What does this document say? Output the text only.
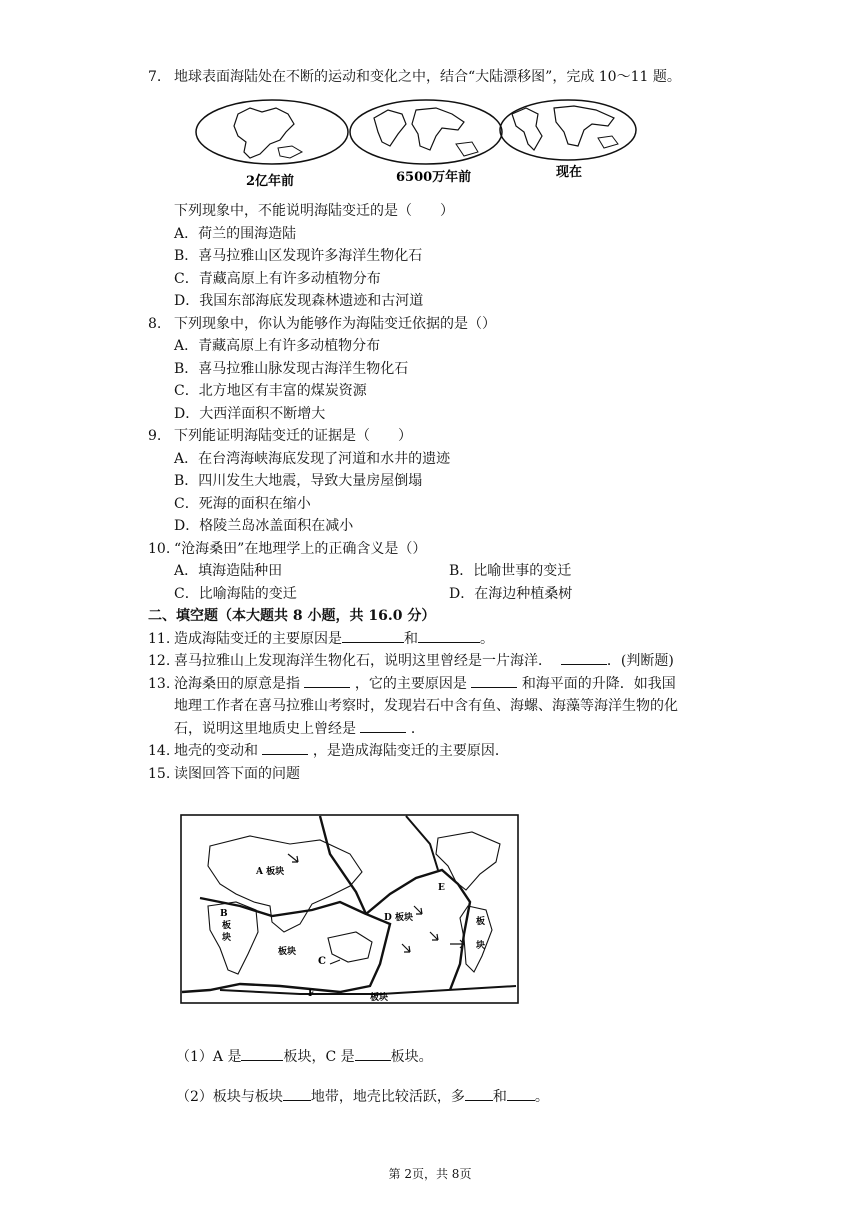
7. 地球表面海陆处在不断的运动和变化之中，结合“大陆漂移图”，完成 10～11 题。
2亿年前	6500万年前	现在
下列现象中，不能说明海陆变迁的是（　　）
A．荷兰的围海造陆
B．喜马拉雅山区发现许多海洋生物化石
C．青藏高原上有许多动植物分布
D．我国东部海底发现森林遗迹和古河道
8. 下列现象中，你认为能够作为海陆变迁依据的是（）
A．青藏高原上有许多动植物分布
B．喜马拉雅山脉发现古海洋生物化石
C．北方地区有丰富的煤炭资源
D．大西洋面积不断增大
9. 下列能证明海陆变迁的证据是（　　）
A．在台湾海峡海底发现了河道和水井的遗迹
B．四川发生大地震，导致大量房屋倒塌
C．死海的面积在缩小
D．格陵兰岛冰盖面积在减小
10. “沧海桑田”在地理学上的正确含义是（）
A．填海造陆种田	B．比喻世事的变迁
C．比喻海陆的变迁	D．在海边种植桑树
二、填空题（本大题共 8 小题，共 16.0 分）
11. 造成海陆变迁的主要原因是	和	。
12. 喜马拉雅山上发现海洋生物化石，说明这里曾经是一片海洋．	．(判断题)
13. 沧海桑田的原意是指	，它的主要原因是	和海平面的升降．如我国
地理工作者在喜马拉雅山考察时，发现岩石中含有鱼、海螺、海藻等海洋生物的化
石，说明这里地质史上曾经是	．
14. 地壳的变动和	，是造成海陆变迁的主要原因．
15. 读图回答下面的问题
A 板块
B
板
块
C
D 板块
E
F
板块
板块
板
块
（1）A 是	板块，C 是	板块。
（2）板块与板块 地带，地壳比较活跃，多 和 。
第 2页，共 8页
